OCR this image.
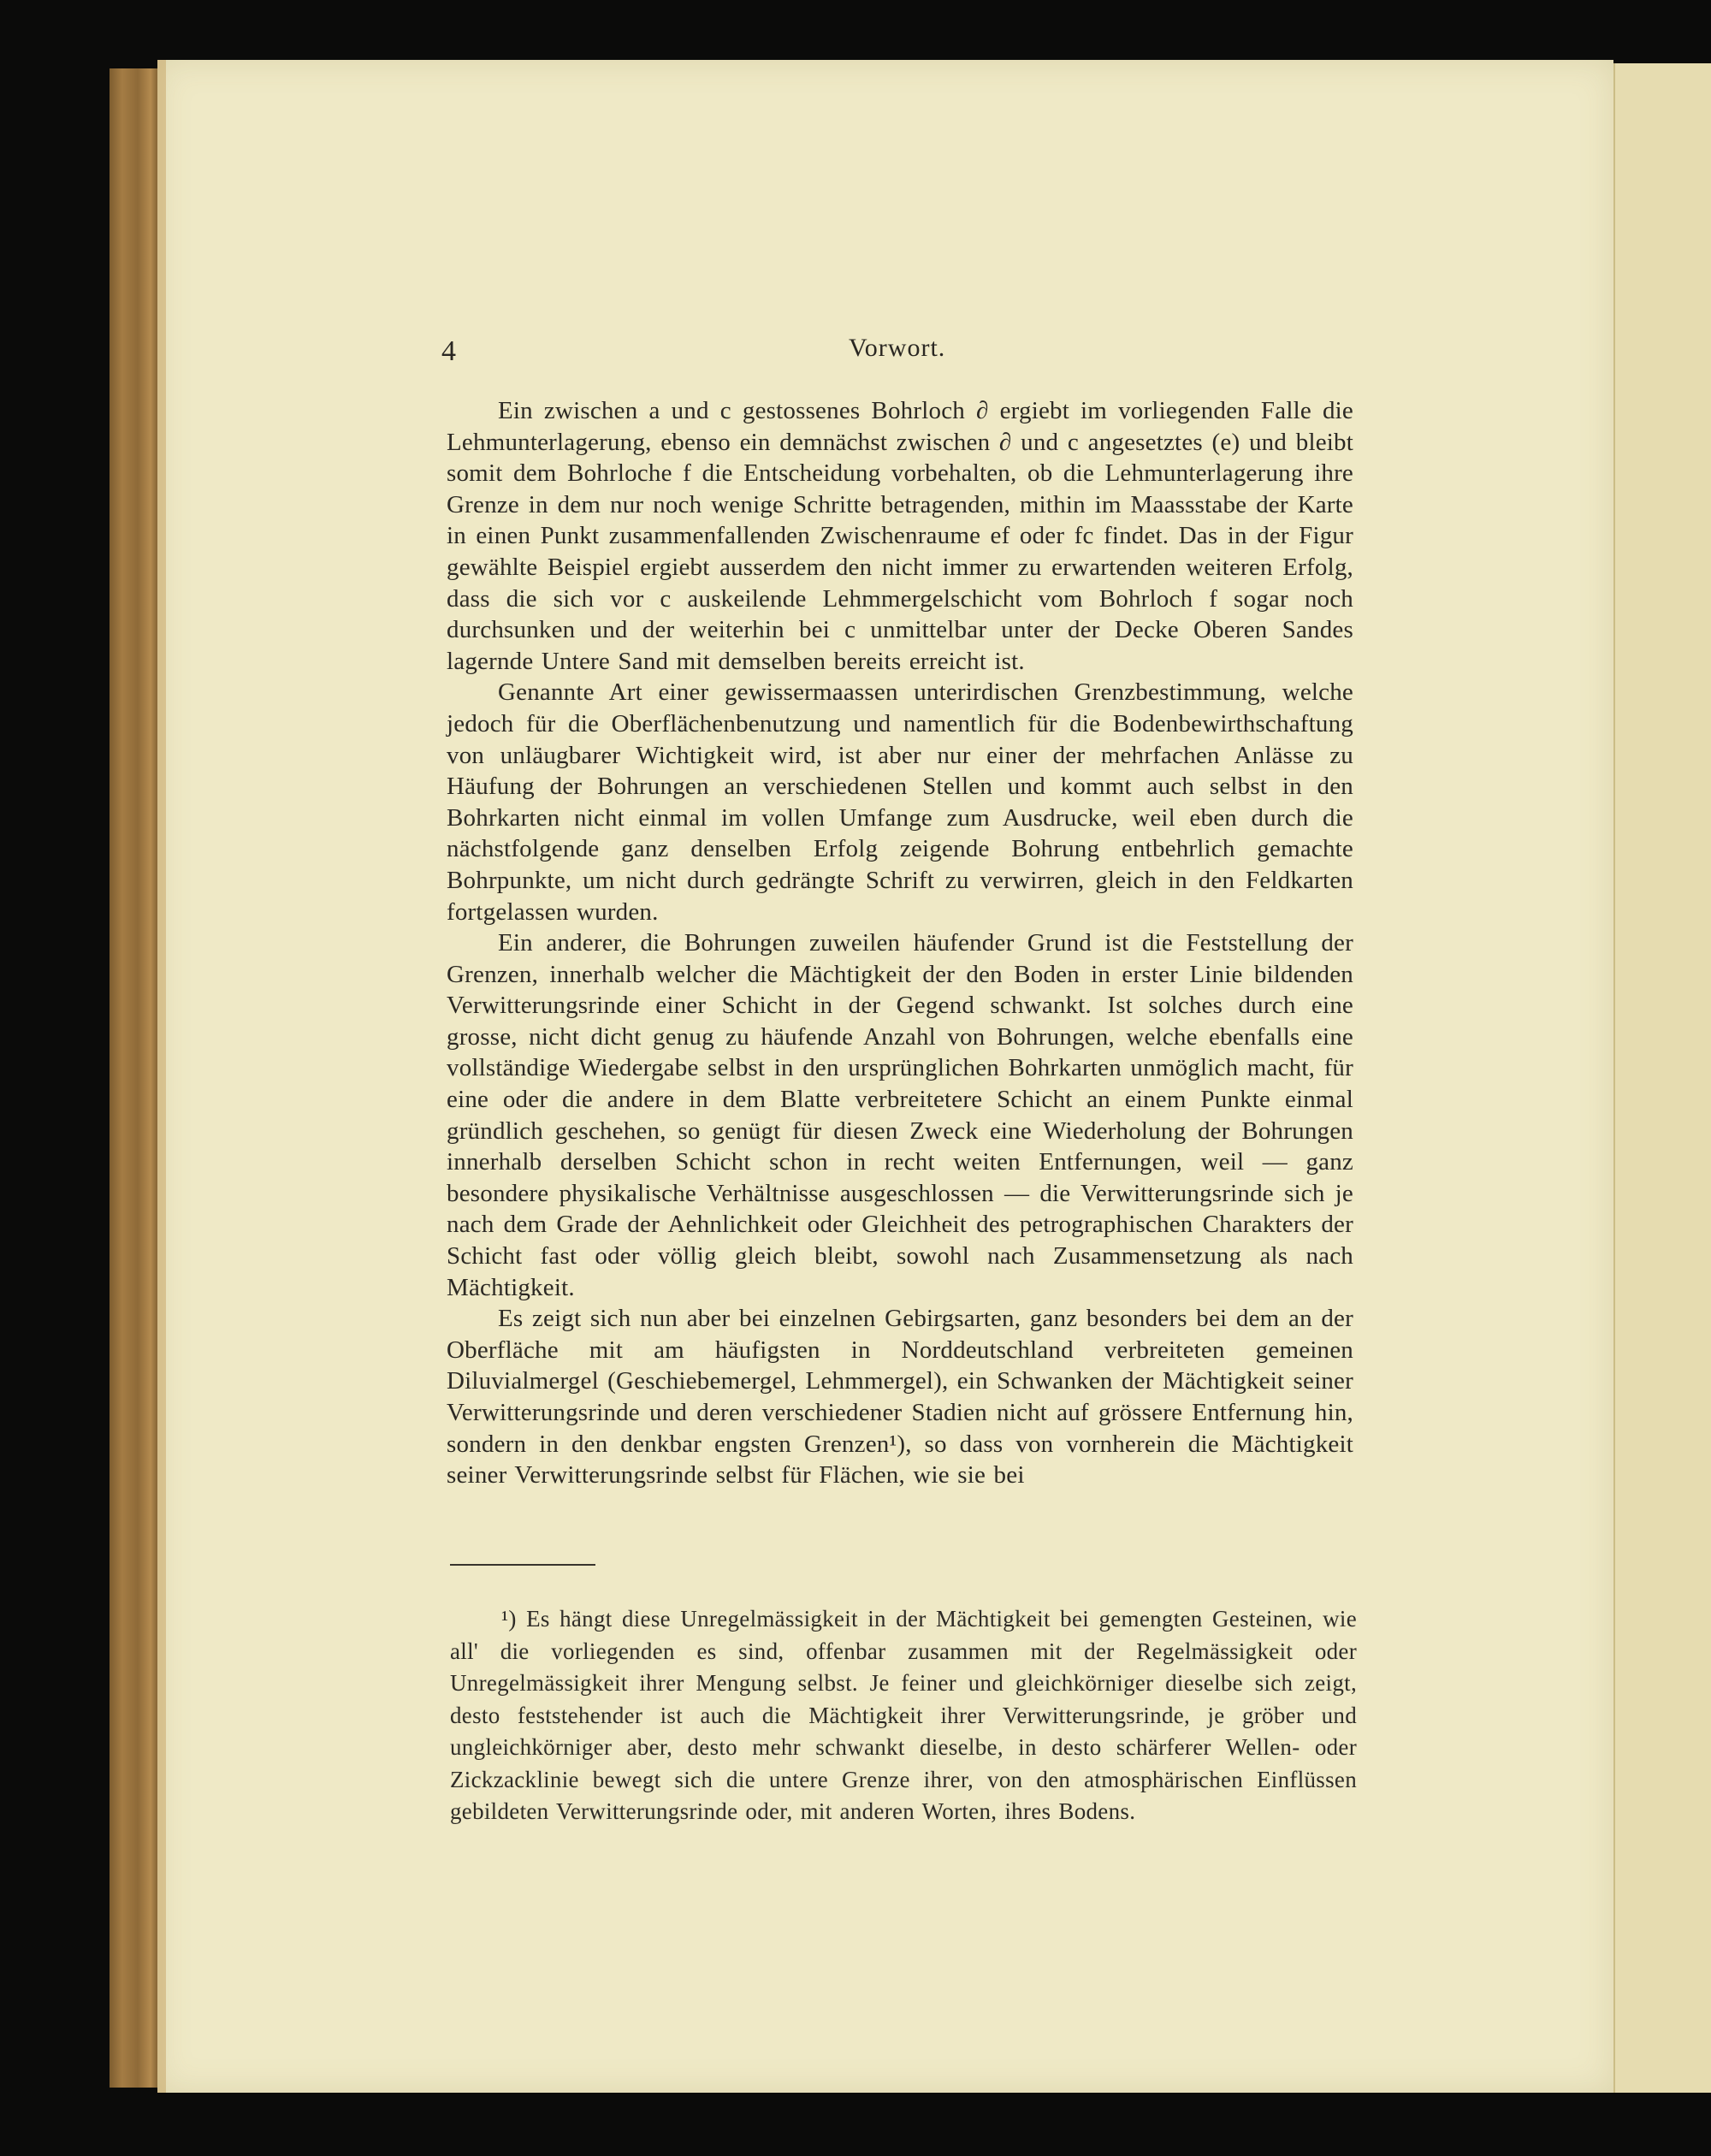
4	Vorwort.

Ein zwischen a und c gestossenes Bohrloch ∂ ergiebt im vorliegenden Falle die Lehmunterlagerung, ebenso ein demnächst zwischen ∂ und c angesetztes (e) und bleibt somit dem Bohrloche f die Entscheidung vorbehalten, ob die Lehmunterlagerung ihre Grenze in dem nur noch wenige Schritte betragenden, mithin im Maassstabe der Karte in einen Punkt zusammenfallenden Zwischenraume ef oder fc findet. Das in der Figur gewählte Beispiel ergiebt ausserdem den nicht immer zu erwartenden weiteren Erfolg, dass die sich vor c auskeilende Lehmmergelschicht vom Bohrloch f sogar noch durchsunken und der weiterhin bei c unmittelbar unter der Decke Oberen Sandes lagernde Untere Sand mit demselben bereits erreicht ist.

Genannte Art einer gewissermaassen unterirdischen Grenzbestimmung, welche jedoch für die Oberflächenbenutzung und namentlich für die Bodenbewirthschaftung von unläugbarer Wichtigkeit wird, ist aber nur einer der mehrfachen Anlässe zu Häufung der Bohrungen an verschiedenen Stellen und kommt auch selbst in den Bohrkarten nicht einmal im vollen Umfange zum Ausdrucke, weil eben durch die nächstfolgende ganz denselben Erfolg zeigende Bohrung entbehrlich gemachte Bohrpunkte, um nicht durch gedrängte Schrift zu verwirren, gleich in den Feldkarten fortgelassen wurden.

Ein anderer, die Bohrungen zuweilen häufender Grund ist die Feststellung der Grenzen, innerhalb welcher die Mächtigkeit der den Boden in erster Linie bildenden Verwitterungsrinde einer Schicht in der Gegend schwankt. Ist solches durch eine grosse, nicht dicht genug zu häufende Anzahl von Bohrungen, welche ebenfalls eine vollständige Wiedergabe selbst in den ursprünglichen Bohrkarten unmöglich macht, für eine oder die andere in dem Blatte verbreitetere Schicht an einem Punkte einmal gründlich geschehen, so genügt für diesen Zweck eine Wiederholung der Bohrungen innerhalb derselben Schicht schon in recht weiten Entfernungen, weil — ganz besondere physikalische Verhältnisse ausgeschlossen — die Verwitterungsrinde sich je nach dem Grade der Aehnlichkeit oder Gleichheit des petrographischen Charakters der Schicht fast oder völlig gleich bleibt, sowohl nach Zusammensetzung als nach Mächtigkeit.

Es zeigt sich nun aber bei einzelnen Gebirgsarten, ganz besonders bei dem an der Oberfläche mit am häufigsten in Norddeutschland verbreiteten gemeinen Diluvialmergel (Geschiebemergel, Lehmmergel), ein Schwanken der Mächtigkeit seiner Verwitterungsrinde und deren verschiedener Stadien nicht auf grössere Entfernung hin, sondern in den denkbar engsten Grenzen¹), so dass von vornherein die Mächtigkeit seiner Verwitterungsrinde selbst für Flächen, wie sie bei

¹) Es hängt diese Unregelmässigkeit in der Mächtigkeit bei gemengten Gesteinen, wie all' die vorliegenden es sind, offenbar zusammen mit der Regelmässigkeit oder Unregelmässigkeit ihrer Mengung selbst. Je feiner und gleichkörniger dieselbe sich zeigt, desto feststehender ist auch die Mächtigkeit ihrer Verwitterungsrinde, je gröber und ungleichkörniger aber, desto mehr schwankt dieselbe, in desto schärferer Wellen- oder Zickzacklinie bewegt sich die untere Grenze ihrer, von den atmosphärischen Einflüssen gebildeten Verwitterungsrinde oder, mit anderen Worten, ihres Bodens.
